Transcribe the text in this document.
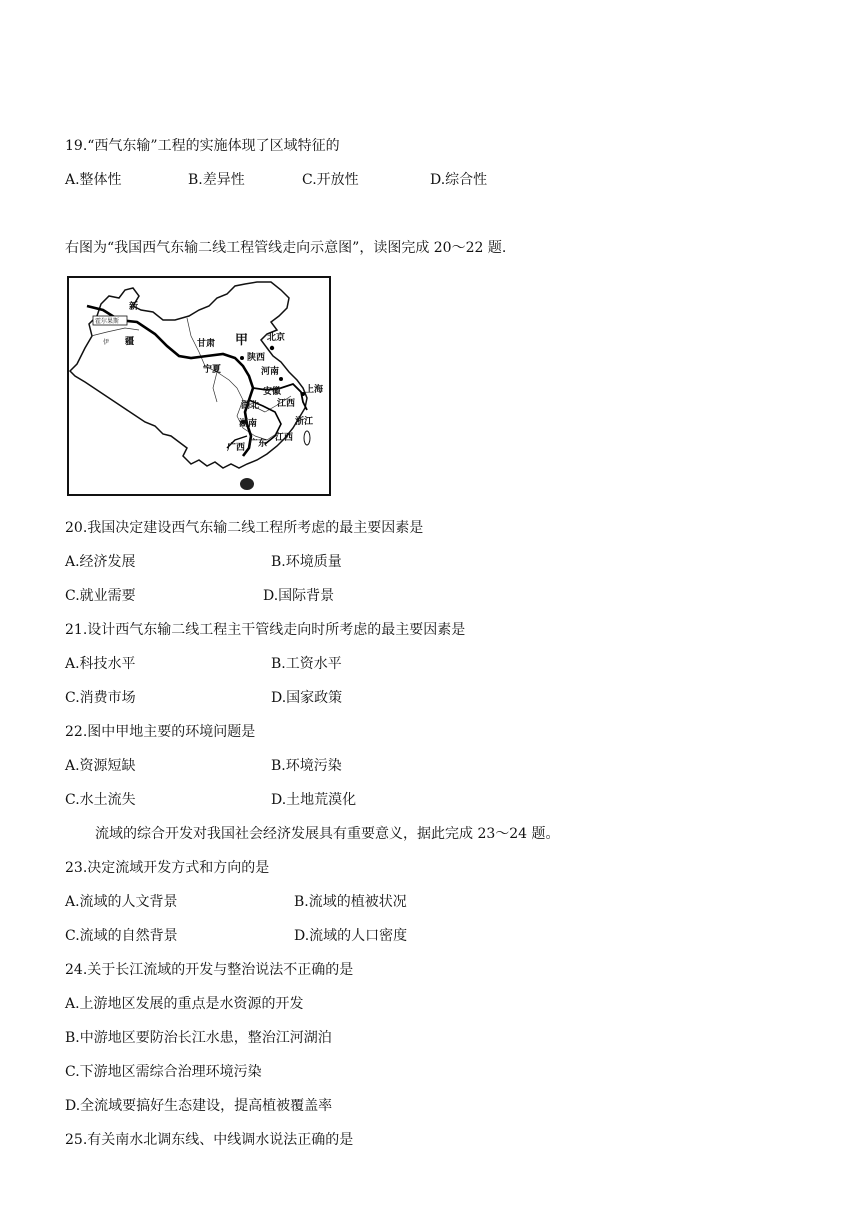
19.“西气东输”工程的实施体现了区域特征的
A.整体性	B.差异性	C.开放性	D.综合性
右图为“我国西气东输二线工程管线走向示意图”，读图完成 20～22 题.
霍尔果斯
伊 疆
新
甲 北京
甘肃
陕西
宁夏	河南
安徽	上海
湖北 江西
浙江
湖南
江西
广东
广西
20.我国决定建设西气东输二线工程所考虑的最主要因素是
A.经济发展	B.环境质量
C.就业需要	D.国际背景
21.设计西气东输二线工程主干管线走向时所考虑的最主要因素是
A.科技水平	B.工资水平
C.消费市场	D.国家政策
22.图中甲地主要的环境问题是
A.资源短缺	B.环境污染
C.水土流失	D.土地荒漠化
流域的综合开发对我国社会经济发展具有重要意义，据此完成 23～24 题。
23.决定流域开发方式和方向的是
A.流域的人文背景	B.流域的植被状况
C.流域的自然背景	D.流域的人口密度
24.关于长江流域的开发与整治说法不正确的是
A.上游地区发展的重点是水资源的开发
B.中游地区要防治长江水患，整治江河湖泊
C.下游地区需综合治理环境污染
D.全流域要搞好生态建设，提高植被覆盖率
25.有关南水北调东线、中线调水说法正确的是
